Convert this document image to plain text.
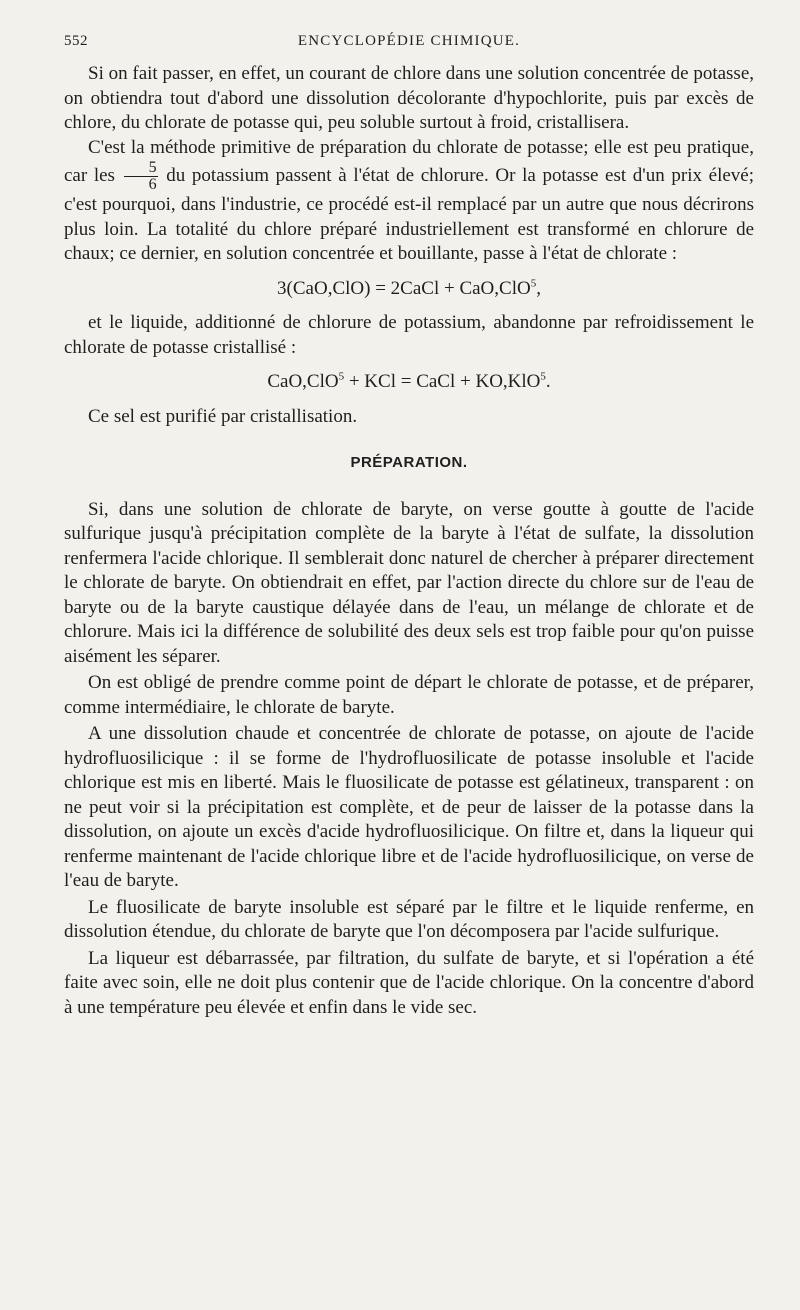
552	ENCYCLOPÉDIE CHIMIQUE.

Si on fait passer, en effet, un courant de chlore dans une solution concentrée de potasse, on obtiendra tout d'abord une dissolution décolorante d'hypochlorite, puis par excès de chlore, du chlorate de potasse qui, peu soluble surtout à froid, cristallisera.

C'est la méthode primitive de préparation du chlorate de potasse; elle est peu pratique, car les $\frac{5}{6}$ du potassium passent à l'état de chlorure. Or la potasse est d'un prix élevé; c'est pourquoi, dans l'industrie, ce procédé est-il remplacé par un autre que nous décrirons plus loin. La totalité du chlore préparé industriellement est transformé en chlorure de chaux; ce dernier, en solution concentrée et bouillante, passe à l'état de chlorate :

3(CaO,ClO) = 2CaCl + CaO,ClO$^5$,

et le liquide, additionné de chlorure de potassium, abandonne par refroidissement le chlorate de potasse cristallisé :

CaO,ClO$^5$ + KCl = CaCl + KO,KlO$^5$.

Ce sel est purifié par cristallisation.

PRÉPARATION.

Si, dans une solution de chlorate de baryte, on verse goutte à goutte de l'acide sulfurique jusqu'à précipitation complète de la baryte à l'état de sulfate, la dissolution renfermera l'acide chlorique. Il semblerait donc naturel de chercher à préparer directement le chlorate de baryte. On obtiendrait en effet, par l'action directe du chlore sur de l'eau de baryte ou de la baryte caustique délayée dans de l'eau, un mélange de chlorate et de chlorure. Mais ici la différence de solubilité des deux sels est trop faible pour qu'on puisse aisément les séparer.

On est obligé de prendre comme point de départ le chlorate de potasse, et de préparer, comme intermédiaire, le chlorate de baryte.

A une dissolution chaude et concentrée de chlorate de potasse, on ajoute de l'acide hydrofluosilicique : il se forme de l'hydrofluosilicate de potasse insoluble et l'acide chlorique est mis en liberté. Mais le fluosilicate de potasse est gélatineux, transparent : on ne peut voir si la précipitation est complète, et de peur de laisser de la potasse dans la dissolution, on ajoute un excès d'acide hydrofluosilicique. On filtre et, dans la liqueur qui renferme maintenant de l'acide chlorique libre et de l'acide hydrofluosilicique, on verse de l'eau de baryte.

Le fluosilicate de baryte insoluble est séparé par le filtre et le liquide renferme, en dissolution étendue, du chlorate de baryte que l'on décomposera par l'acide sulfurique.

La liqueur est débarrassée, par filtration, du sulfate de baryte, et si l'opération a été faite avec soin, elle ne doit plus contenir que de l'acide chlorique. On la concentre d'abord à une température peu élevée et enfin dans le vide sec.
